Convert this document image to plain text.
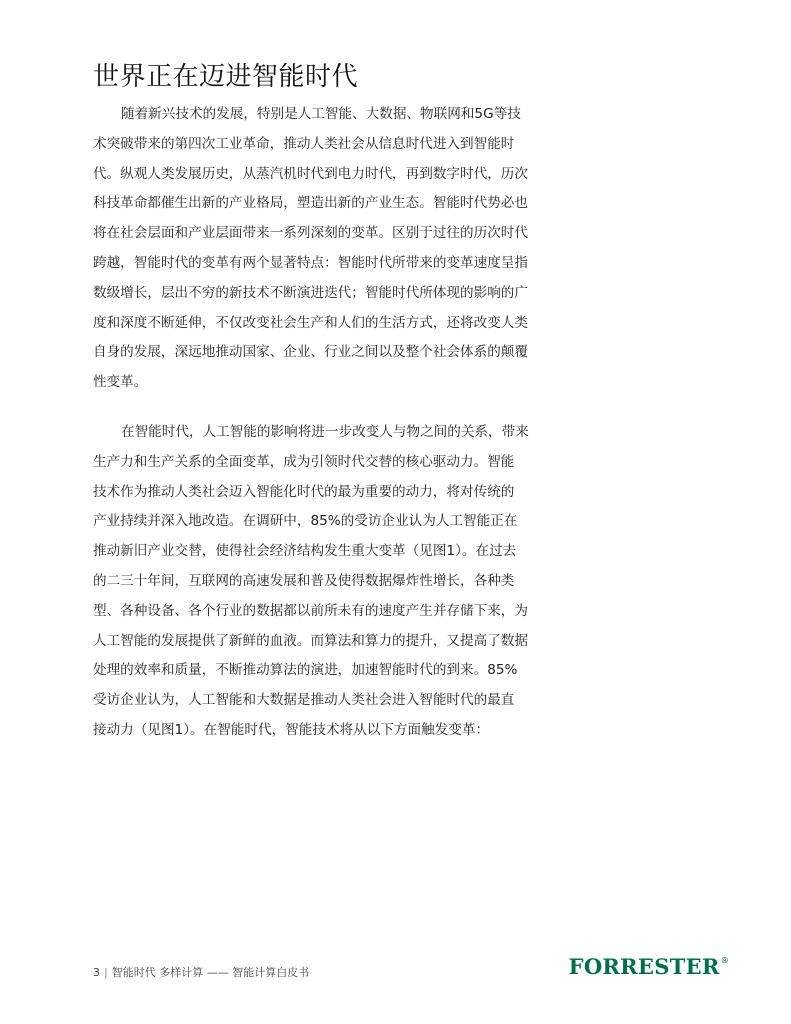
世界正在迈进智能时代
随着新兴技术的发展，特别是人工智能、大数据、物联网和5G等技
术突破带来的第四次工业革命，推动人类社会从信息时代进入到智能时
代。纵观人类发展历史，从蒸汽机时代到电力时代，再到数字时代，历次
科技革命都催生出新的产业格局，塑造出新的产业生态。智能时代势必也
将在社会层面和产业层面带来一系列深刻的变革。区别于过往的历次时代
跨越，智能时代的变革有两个显著特点：智能时代所带来的变革速度呈指
数级增长，层出不穷的新技术不断演进迭代；智能时代所体现的影响的广
度和深度不断延伸，不仅改变社会生产和人们的生活方式，还将改变人类
自身的发展，深远地推动国家、企业、行业之间以及整个社会体系的颠覆
性变革。
在智能时代，人工智能的影响将进一步改变人与物之间的关系，带来
生产力和生产关系的全面变革，成为引领时代交替的核心驱动力。智能
技术作为推动人类社会迈入智能化时代的最为重要的动力，将对传统的
产业持续并深入地改造。在调研中，85%的受访企业认为人工智能正在
推动新旧产业交替，使得社会经济结构发生重大变革（见图1）。在过去
的二三十年间，互联网的高速发展和普及使得数据爆炸性增长，各种类
型、各种设备、各个行业的数据都以前所未有的速度产生并存储下来，为
人工智能的发展提供了新鲜的血液。而算法和算力的提升，又提高了数据
处理的效率和质量，不断推动算法的演进，加速智能时代的到来。85%
受访企业认为，人工智能和大数据是推动人类社会进入智能时代的最直
接动力（见图1）。在智能时代，智能技术将从以下方面触发变革：
3 | 智能时代 多样计算 —— 智能计算白皮书	FORRESTER®
